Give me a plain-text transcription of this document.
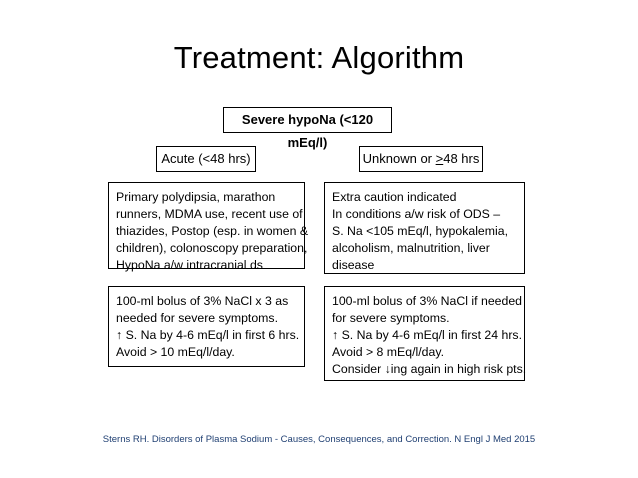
Treatment: Algorithm
Severe hypoNa (<120 mEq/l)
Acute (<48 hrs)	Unknown or ≥48 hrs
Primary polydipsia, marathon
runners, MDMA use, recent use of
thiazides, Postop (esp. in women &
children), colonoscopy preparation,
HypoNa a/w intracranial ds
Extra caution indicated
In conditions a/w risk of ODS –
S. Na <105 mEq/l, hypokalemia,
alcoholism, malnutrition, liver
disease
100-ml bolus of 3% NaCl x 3 as
needed for severe symptoms.
↑ S. Na by 4-6 mEq/l in first 6 hrs.
Avoid > 10 mEq/l/day.
100-ml bolus of 3% NaCl if needed
for severe symptoms.
↑ S. Na by 4-6 mEq/l in first 24 hrs.
Avoid > 8 mEq/l/day.
Consider ↓ing again in high risk pts.
Sterns RH. Disorders of Plasma Sodium - Causes, Consequences, and Correction. N Engl J Med 2015
